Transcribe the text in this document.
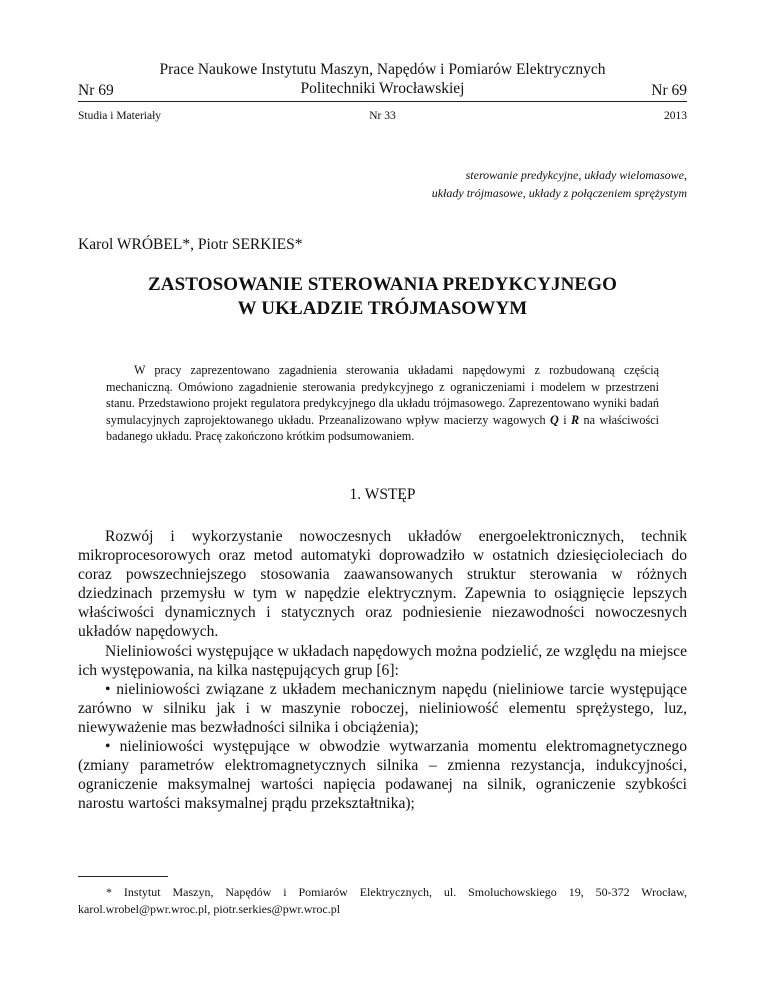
Prace Naukowe Instytutu Maszyn, Napędów i Pomiarów Elektrycznych
Politechniki Wrocławskiej
Nr 69	Nr 69
Studia i Materiały	Nr 33	2013
sterowanie predykcyjne, układy wielomasowe,
układy trójmasowe, układy z połączeniem sprężystym
Karol WRÓBEL*, Piotr SERKIES*
ZASTOSOWANIE STEROWANIA PREDYKCYJNEGO
W UKŁADZIE TRÓJMASOWYM
W pracy zaprezentowano zagadnienia sterowania układami napędowymi z rozbudowaną częścią mechaniczną. Omówiono zagadnienie sterowania predykcyjnego z ograniczeniami i modelem w przestrzeni stanu. Przedstawiono projekt regulatora predykcyjnego dla układu trójmasowego. Zaprezentowano wyniki badań symulacyjnych zaprojektowanego układu. Przeanalizowano wpływ macierzy wagowych Q i R na właściwości badanego układu. Pracę zakończono krótkim podsumowaniem.
1. WSTĘP

Rozwój i wykorzystanie nowoczesnych układów energoelektronicznych, technik mikroprocesorowych oraz metod automatyki doprowadziło w ostatnich dziesięcioleciach do coraz powszechniejszego stosowania zaawansowanych struktur sterowania w różnych dziedzinach przemysłu w tym w napędzie elektrycznym. Zapewnia to osiągnięcie lepszych właściwości dynamicznych i statycznych oraz podniesienie niezawodności nowoczesnych układów napędowych.

Nieliniowości występujące w układach napędowych można podzielić, ze względu na miejsce ich występowania, na kilka następujących grup [6]:

• nieliniowości związane z układem mechanicznym napędu (nieliniowe tarcie występujące zarówno w silniku jak i w maszynie roboczej, nieliniowość elementu sprężystego, luz, niewyważenie mas bezwładności silnika i obciążenia);

• nieliniowości występujące w obwodzie wytwarzania momentu elektromagnetycznego (zmiany parametrów elektromagnetycznych silnika – zmienna rezystancja, indukcyjności, ograniczenie maksymalnej wartości napięcia podawanej na silnik, ograniczenie szybkości narostu wartości maksymalnej prądu przekształtnika);

* Instytut Maszyn, Napędów i Pomiarów Elektrycznych, ul. Smoluchowskiego 19, 50-372 Wrocław, karol.wrobel@pwr.wroc.pl, piotr.serkies@pwr.wroc.pl
